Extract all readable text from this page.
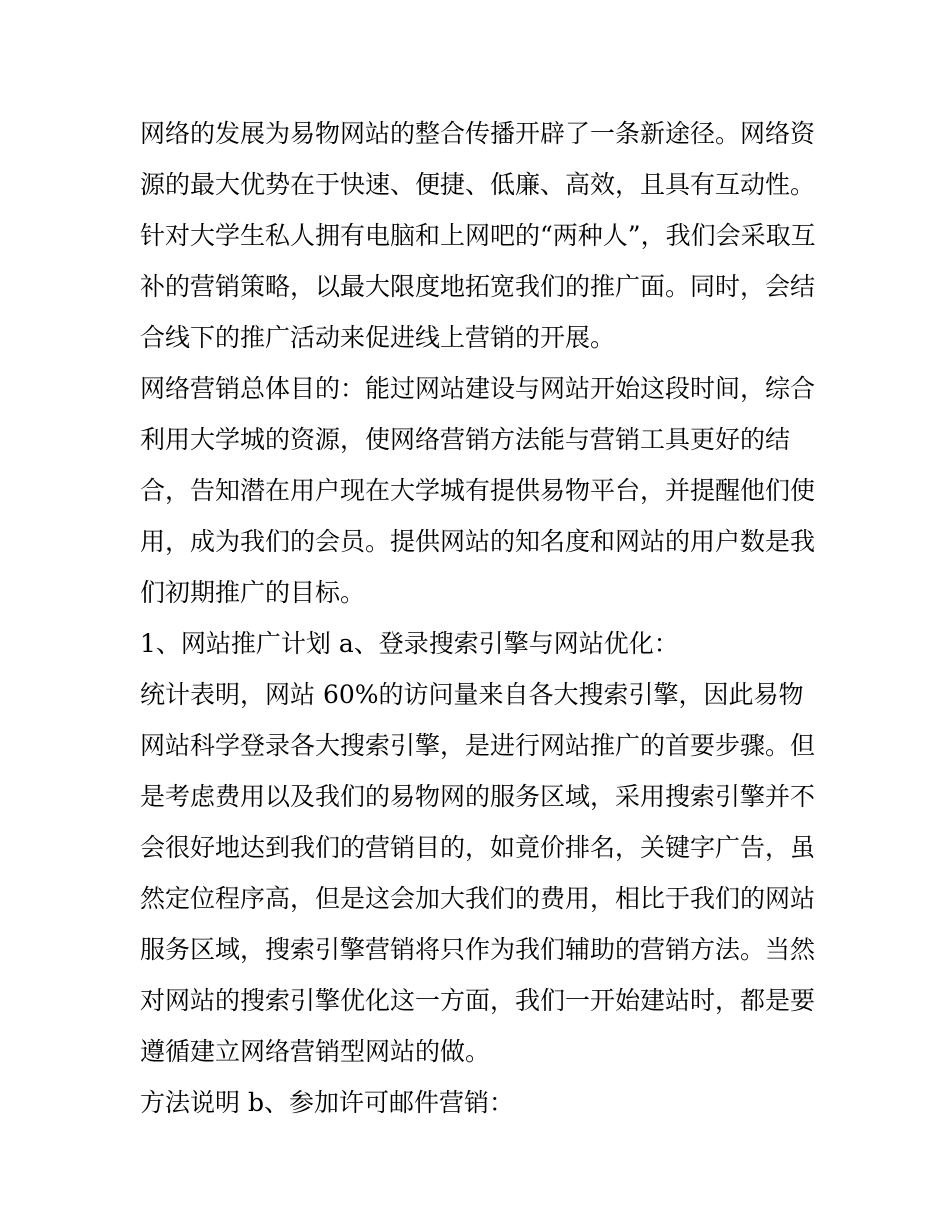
网络的发展为易物网站的整合传播开辟了一条新途径。网络资
源的最大优势在于快速、便捷、低廉、高效，且具有互动性。
针对大学生私人拥有电脑和上网吧的“两种人”，我们会采取互
补的营销策略，以最大限度地拓宽我们的推广面。同时，会结
合线下的推广活动来促进线上营销的开展。
网络营销总体目的：能过网站建设与网站开始这段时间，综合
利用大学城的资源，使网络营销方法能与营销工具更好的结
合，告知潜在用户现在大学城有提供易物平台，并提醒他们使
用，成为我们的会员。提供网站的知名度和网站的用户数是我
们初期推广的目标。
1、网站推广计划 a、登录搜索引擎与网站优化：
统计表明，网站 60%的访问量来自各大搜索引擎，因此易物
网站科学登录各大搜索引擎，是进行网站推广的首要步骤。但
是考虑费用以及我们的易物网的服务区域，采用搜索引擎并不
会很好地达到我们的营销目的，如竟价排名，关键字广告，虽
然定位程序高，但是这会加大我们的费用，相比于我们的网站
服务区域，搜索引擎营销将只作为我们辅助的营销方法。当然
对网站的搜索引擎优化这一方面，我们一开始建站时，都是要
遵循建立网络营销型网站的做。
方法说明 b、参加许可邮件营销：
